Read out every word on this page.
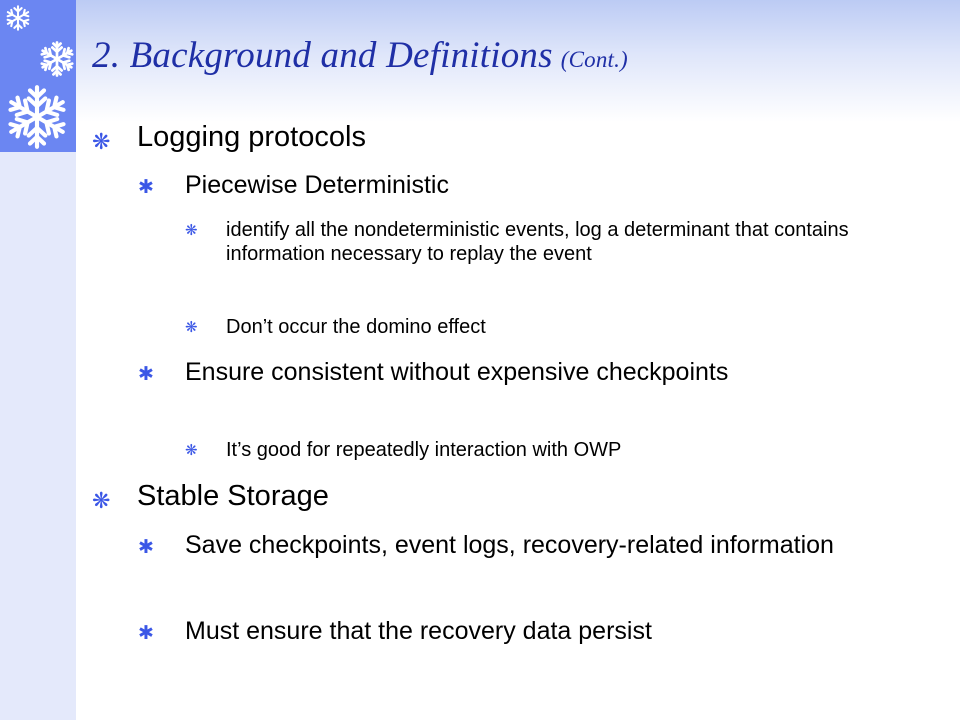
2. Background and Definitions (Cont.)
❋ Logging protocols
✱ Piecewise Deterministic
❋ identify all the nondeterministic events, log a determinant that contains information necessary to replay the event
❋ Don’t occur the domino effect
✱ Ensure consistent without expensive checkpoints
❋ It’s good for repeatedly interaction with OWP
❋ Stable Storage
✱ Save checkpoints, event logs, recovery-related information
✱ Must ensure that the recovery data persist
